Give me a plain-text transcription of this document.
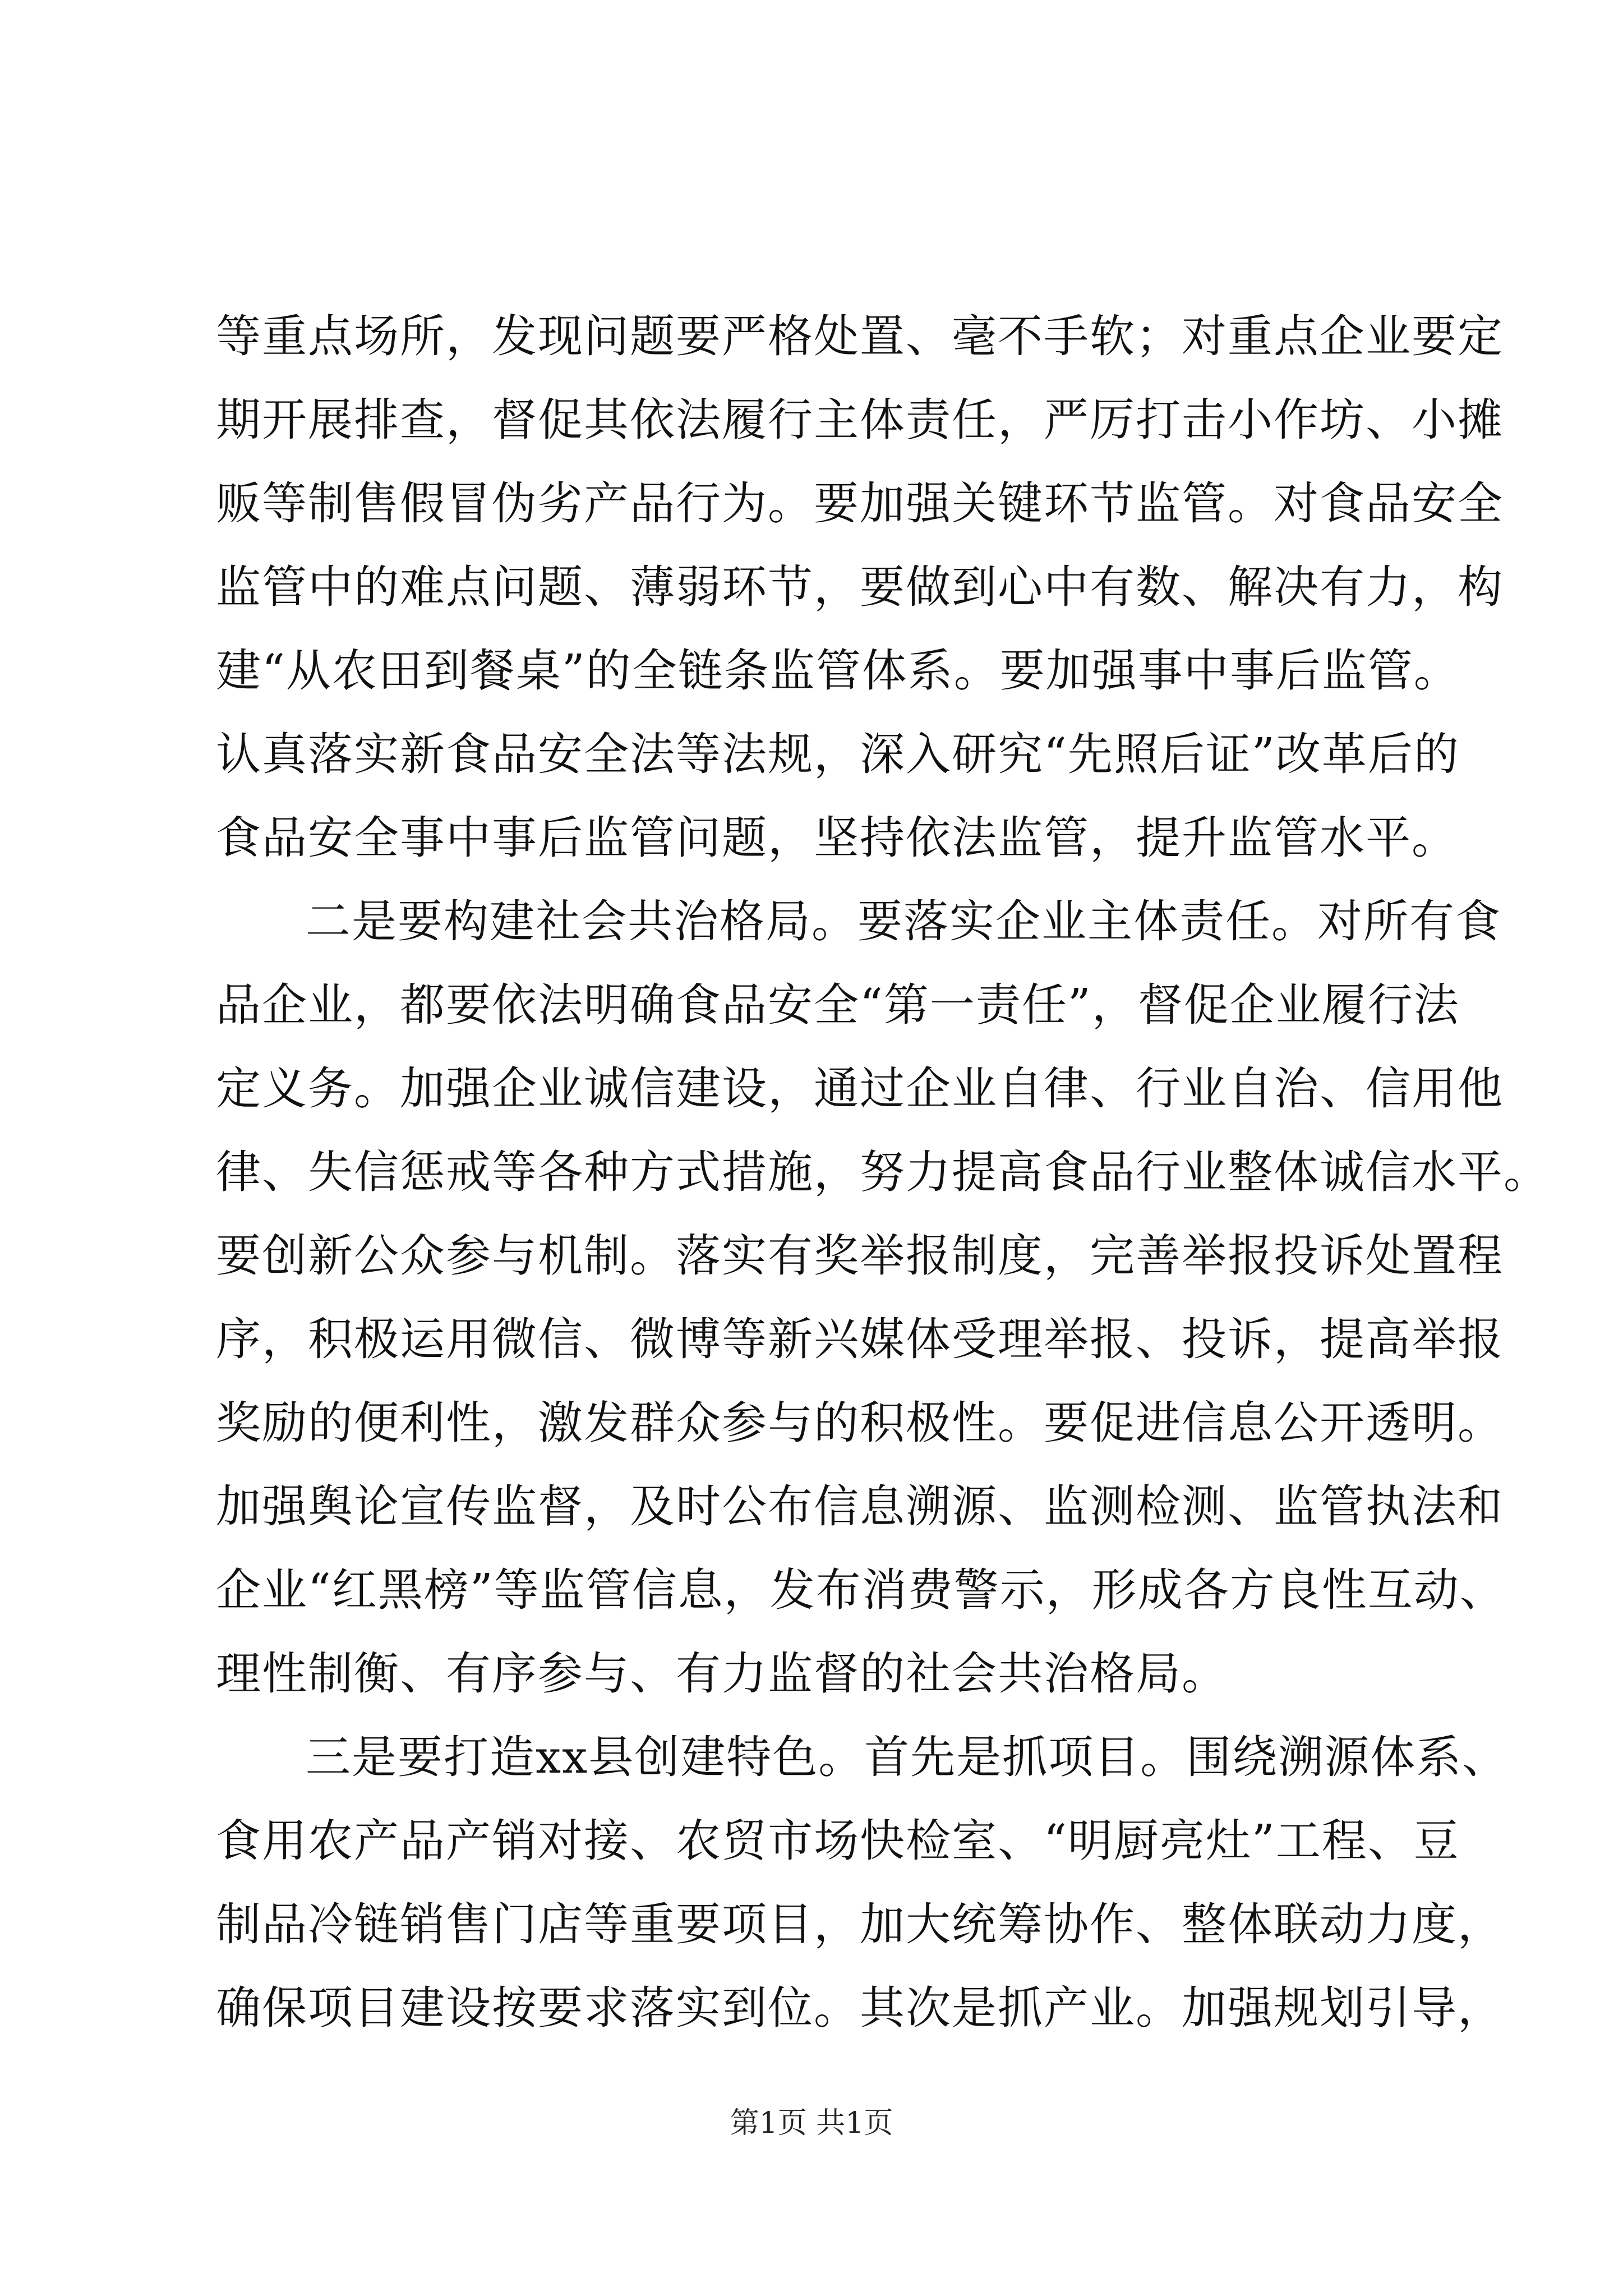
等重点场所，发现问题要严格处置、毫不手软；对重点企业要定
期开展排查，督促其依法履行主体责任，严厉打击小作坊、小摊
贩等制售假冒伪劣产品行为。要加强关键环节监管。对食品安全
监管中的难点问题、薄弱环节，要做到心中有数、解决有力，构
建“从农田到餐桌”的全链条监管体系。要加强事中事后监管。
认真落实新食品安全法等法规，深入研究“先照后证”改革后的
食品安全事中事后监管问题，坚持依法监管，提升监管水平。
二是要构建社会共治格局。要落实企业主体责任。对所有食
品企业，都要依法明确食品安全“第一责任”，督促企业履行法
定义务。加强企业诚信建设，通过企业自律、行业自治、信用他
律、失信惩戒等各种方式措施，努力提高食品行业整体诚信水平。
要创新公众参与机制。落实有奖举报制度，完善举报投诉处置程
序，积极运用微信、微博等新兴媒体受理举报、投诉，提高举报
奖励的便利性，激发群众参与的积极性。要促进信息公开透明。
加强舆论宣传监督，及时公布信息溯源、监测检测、监管执法和
企业“红黑榜”等监管信息，发布消费警示，形成各方良性互动、
理性制衡、有序参与、有力监督的社会共治格局。
三是要打造xx县创建特色。首先是抓项目。围绕溯源体系、
食用农产品产销对接、农贸市场快检室、“明厨亮灶”工程、豆
制品冷链销售门店等重要项目，加大统筹协作、整体联动力度，
确保项目建设按要求落实到位。其次是抓产业。加强规划引导，
第1页 共1页
